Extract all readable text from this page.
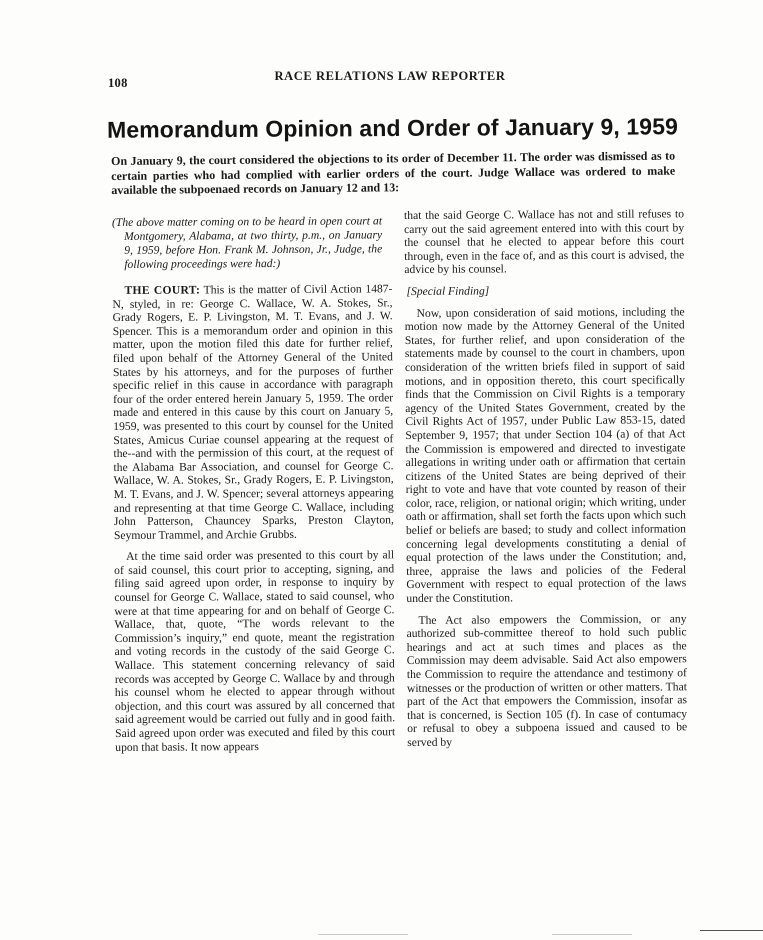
108	RACE RELATIONS LAW REPORTER
Memorandum Opinion and Order of January 9, 1959

On January 9, the court considered the objections to its order of December 11. The order was dismissed as to certain parties who had complied with earlier orders of the court. Judge Wallace was ordered to make available the subpoenaed records on January 12 and 13:

(The above matter coming on to be heard in open court at Montgomery, Alabama, at two thirty, p.m., on January 9, 1959, before Hon. Frank M. Johnson, Jr., Judge, the following proceedings were had:)

THE COURT: This is the matter of Civil Action 1487-N, styled, in re: George C. Wallace, W. A. Stokes, Sr., Grady Rogers, E. P. Livingston, M. T. Evans, and J. W. Spencer. This is a memorandum order and opinion in this matter, upon the motion filed this date for further relief, filed upon behalf of the Attorney General of the United States by his attorneys, and for the purposes of further specific relief in this cause in accordance with paragraph four of the order entered herein January 5, 1959. The order made and entered in this cause by this court on January 5, 1959, was presented to this court by counsel for the United States, Amicus Curiae counsel appearing at the request of the--and with the permission of this court, at the request of the Alabama Bar Association, and counsel for George C. Wallace, W. A. Stokes, Sr., Grady Rogers, E. P. Livingston, M. T. Evans, and J. W. Spencer; several attorneys appearing and representing at that time George C. Wallace, including John Patterson, Chauncey Sparks, Preston Clayton, Seymour Trammel, and Archie Grubbs.

At the time said order was presented to this court by all of said counsel, this court prior to accepting, signing, and filing said agreed upon order, in response to inquiry by counsel for George C. Wallace, stated to said counsel, who were at that time appearing for and on behalf of George C. Wallace, that, quote, “The words relevant to the Commission’s inquiry,” end quote, meant the registration and voting records in the custody of the said George C. Wallace. This statement concerning relevancy of said records was accepted by George C. Wallace by and through his counsel whom he elected to appear through without objection, and this court was assured by all concerned that said agreement would be carried out fully and in good faith. Said agreed upon order was executed and filed by this court upon that basis. It now appears

that the said George C. Wallace has not and still refuses to carry out the said agreement entered into with this court by the counsel that he elected to appear before this court through, even in the face of, and as this court is advised, the advice by his counsel.

[Special Finding]

Now, upon consideration of said motions, including the motion now made by the Attorney General of the United States, for further relief, and upon consideration of the statements made by counsel to the court in chambers, upon consideration of the written briefs filed in support of said motions, and in opposition thereto, this court specifically finds that the Commission on Civil Rights is a temporary agency of the United States Government, created by the Civil Rights Act of 1957, under Public Law 853-15, dated September 9, 1957; that under Section 104 (a) of that Act the Commission is empowered and directed to investigate allegations in writing under oath or affirmation that certain citizens of the United States are being deprived of their right to vote and have that vote counted by reason of their color, race, religion, or national origin; which writing, under oath or affirmation, shall set forth the facts upon which such belief or beliefs are based; to study and collect information concerning legal developments constituting a denial of equal protection of the laws under the Constitution; and, three, appraise the laws and policies of the Federal Government with respect to equal protection of the laws under the Constitution.

The Act also empowers the Commission, or any authorized sub-committee thereof to hold such public hearings and act at such times and places as the Commission may deem advisable. Said Act also empowers the Commission to require the attendance and testimony of witnesses or the production of written or other matters. That part of the Act that empowers the Commission, insofar as that is concerned, is Section 105 (f). In case of contumacy or refusal to obey a subpoena issued and caused to be served by
